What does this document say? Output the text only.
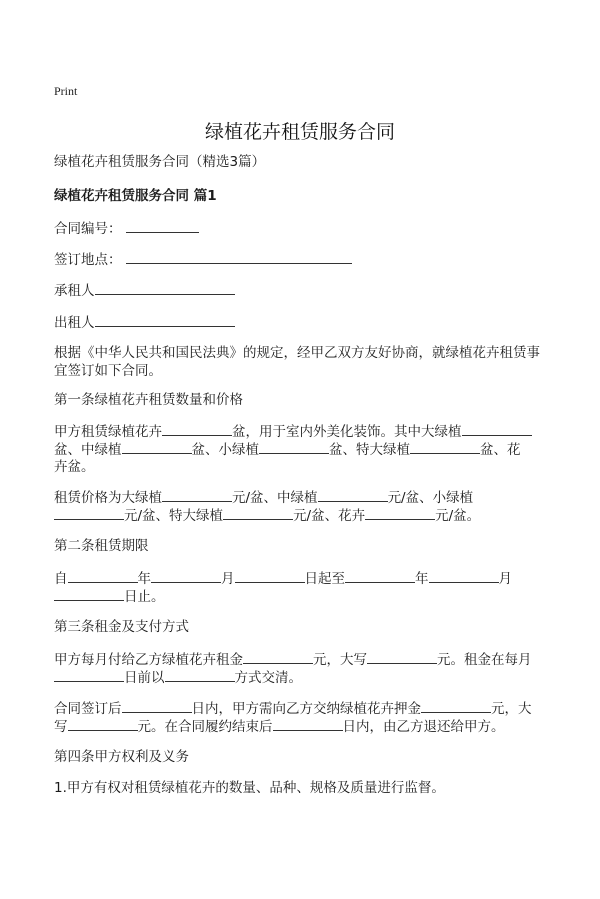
Print
绿植花卉租赁服务合同
绿植花卉租赁服务合同（精选3篇）
绿植花卉租赁服务合同 篇1
合同编号：
签订地点：
承租人
出租人
根据《中华人民共和国民法典》的规定，经甲乙双方友好协商，就绿植花卉租赁事
宜签订如下合同。
第一条绿植花卉租赁数量和价格
甲方租赁绿植花卉	盆，用于室内外美化装饰。其中大绿植
盆、中绿植	盆、小绿植	盆、特大绿植	盆、花
卉盆。
租赁价格为大绿植	元/盆、中绿植	元/盆、小绿植
元/盆、特大绿植	元/盆、花卉	元/盆。
第二条租赁期限
自	年	月	日起至	年	月
日止。
第三条租金及支付方式
甲方每月付给乙方绿植花卉租金	元，大写	元。租金在每月
日前以	方式交清。
合同签订后	日内，甲方需向乙方交纳绿植花卉押金	元，大
写	元。在合同履约结束后	日内，由乙方退还给甲方。
第四条甲方权利及义务
1.甲方有权对租赁绿植花卉的数量、品种、规格及质量进行监督。
